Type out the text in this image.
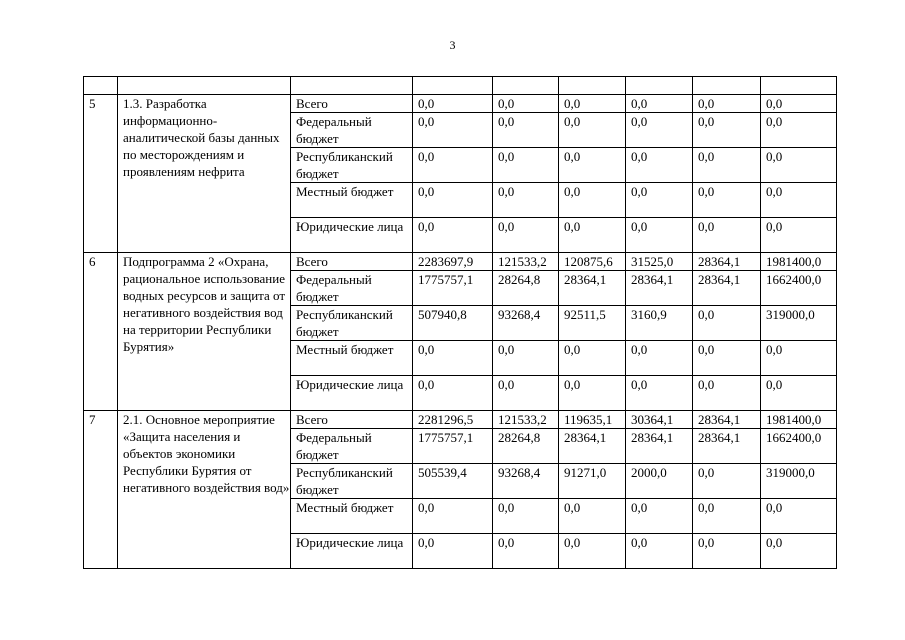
3

5	1.3. Разработка информационно-аналитической базы данных по месторождениям и проявлениям нефрита	Всего	0,0	0,0	0,0	0,0	0,0	0,0
		Федеральный бюджет	0,0	0,0	0,0	0,0	0,0	0,0
		Республиканский бюджет	0,0	0,0	0,0	0,0	0,0	0,0
		Местный бюджет	0,0	0,0	0,0	0,0	0,0	0,0
		Юридические лица	0,0	0,0	0,0	0,0	0,0	0,0
6	Подпрограмма 2 «Охрана, рациональное использование водных ресурсов и защита от негативного воздействия вод на территории Республики Бурятия»	Всего	2283697,9	121533,2	120875,6	31525,0	28364,1	1981400,0
		Федеральный бюджет	1775757,1	28264,8	28364,1	28364,1	28364,1	1662400,0
		Республиканский бюджет	507940,8	93268,4	92511,5	3160,9	0,0	319000,0
		Местный бюджет	0,0	0,0	0,0	0,0	0,0	0,0
		Юридические лица	0,0	0,0	0,0	0,0	0,0	0,0
7	2.1. Основное мероприятие «Защита населения и объектов экономики Республики Бурятия от негативного воздействия вод»	Всего	2281296,5	121533,2	119635,1	30364,1	28364,1	1981400,0
		Федеральный бюджет	1775757,1	28264,8	28364,1	28364,1	28364,1	1662400,0
		Республиканский бюджет	505539,4	93268,4	91271,0	2000,0	0,0	319000,0
		Местный бюджет	0,0	0,0	0,0	0,0	0,0	0,0
		Юридические лица	0,0	0,0	0,0	0,0	0,0	0,0
